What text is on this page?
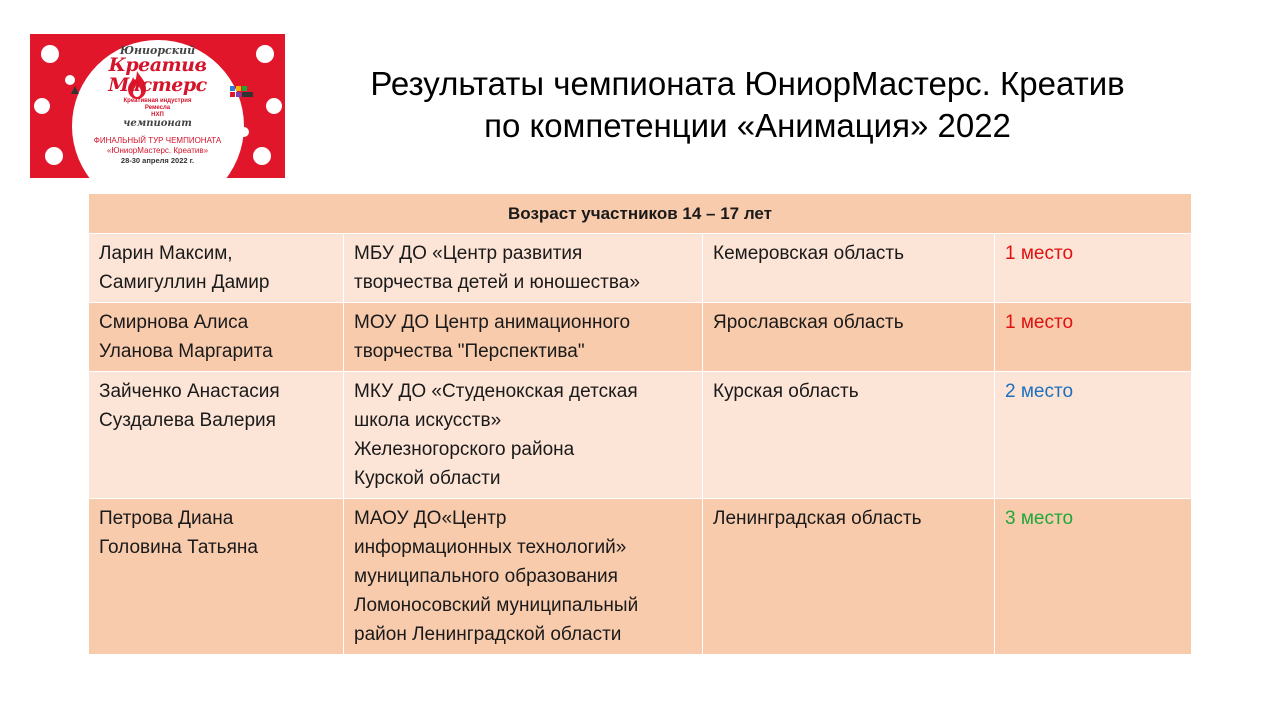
Юниорский
Креатив
Мастерс
Креативная индустрия
Ремесла
НХП
чемпионат
ФИНАЛЬНЫЙ ТУР ЧЕМПИОНАТА
«ЮниорМастерс. Креатив»
28-30 апреля 2022 г.
Результаты чемпионата ЮниорМастерс. Креатив
по компетенции «Анимация» 2022
Возраст участников 14 – 17 лет			

Ларин Максим,
Самигуллин Дамир	МБУ ДО «Центр развития
творчества детей и юношества»	Кемеровская область	1 место

Смирнова Алиса
Уланова Маргарита	МОУ ДО Центр анимационного
творчества "Перспектива"	Ярославская область	1 место

Зайченко Анастасия
Суздалева Валерия	МКУ ДО «Студенокская детская
школа искусств»
Железногорского района
Курской области	Курская область	2 место

Петрова Диана
Головина Татьяна	МАОУ ДО«Центр
информационных технологий»
муниципального образования
Ломоносовский муниципальный
район Ленинградской области	Ленинградская область	3 место
